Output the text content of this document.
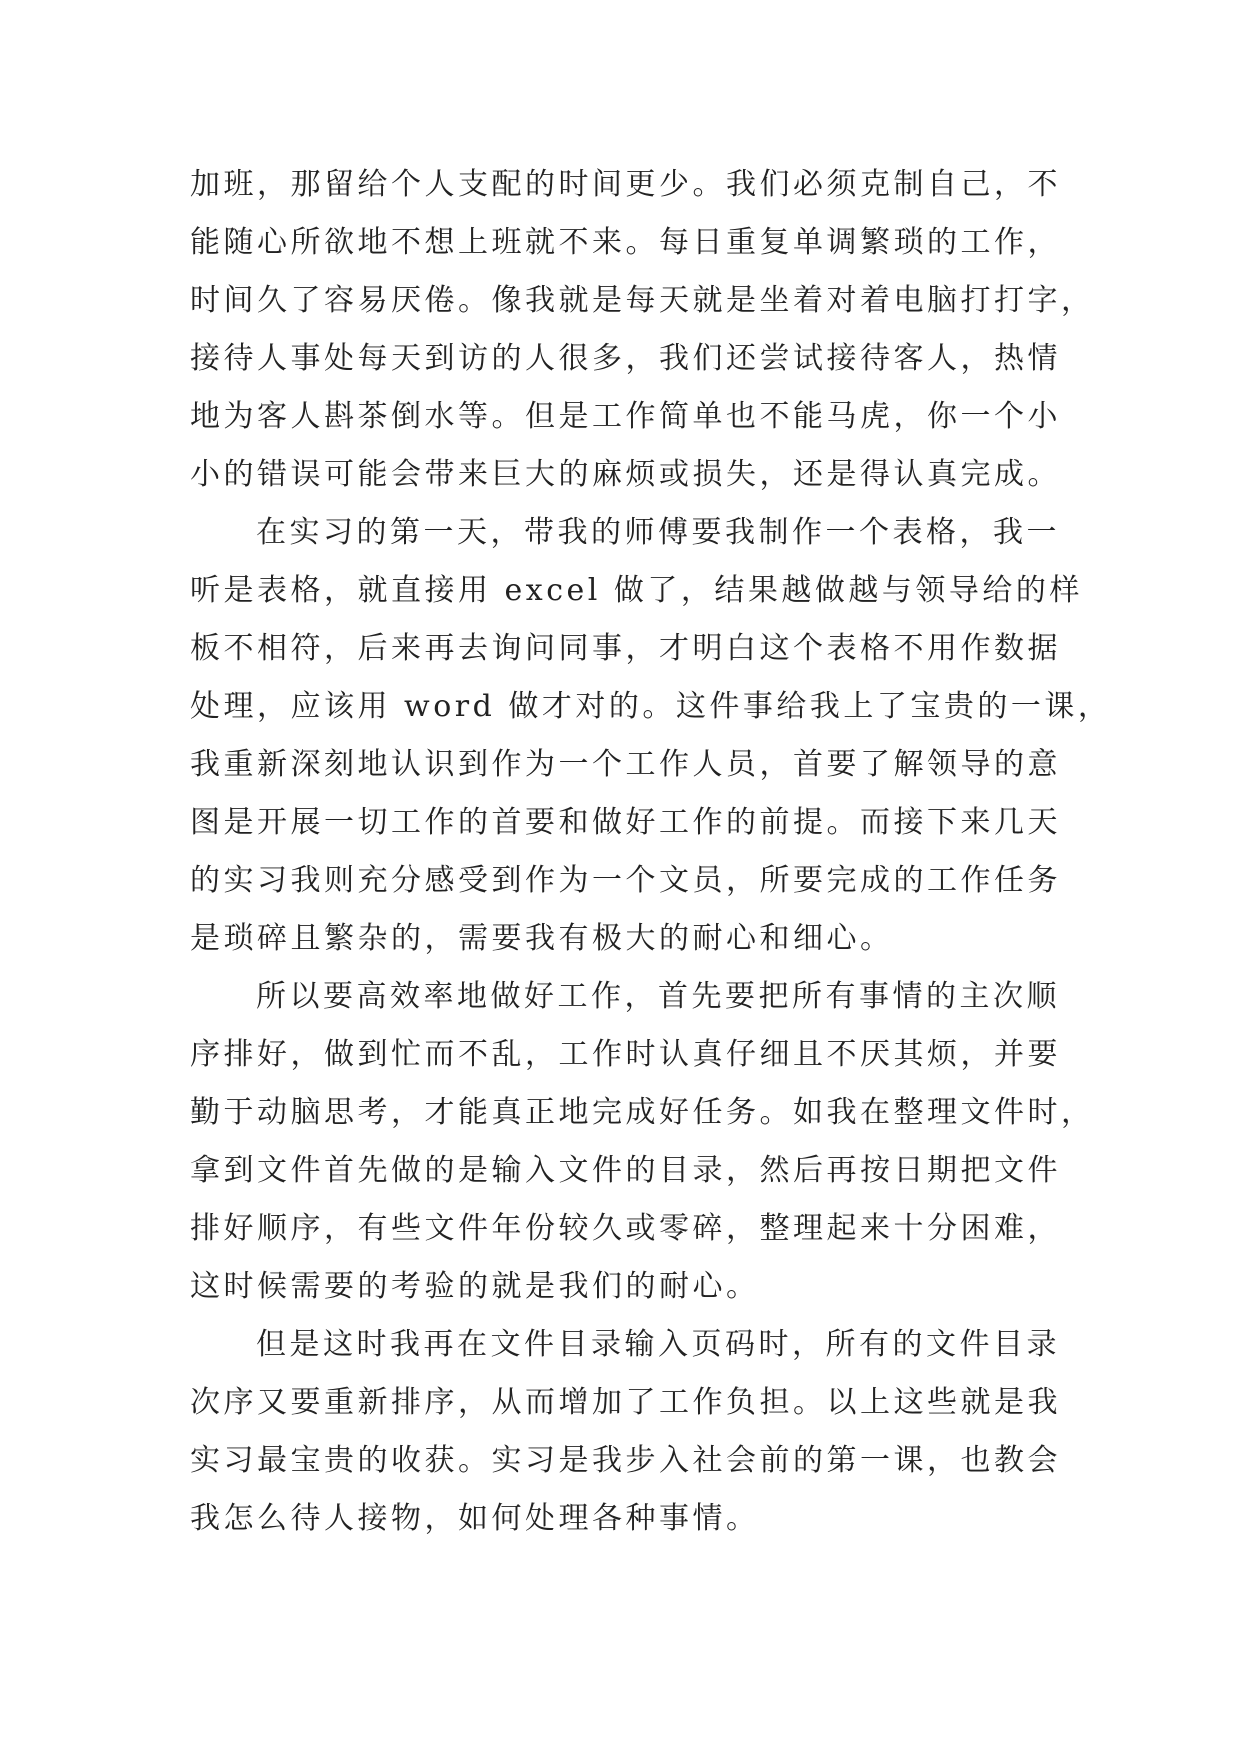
加班，那留给个人支配的时间更少。我们必须克制自己，不
能随心所欲地不想上班就不来。每日重复单调繁琐的工作，
时间久了容易厌倦。像我就是每天就是坐着对着电脑打打字，
接待人事处每天到访的人很多，我们还尝试接待客人，热情
地为客人斟茶倒水等。但是工作简单也不能马虎，你一个小
小的错误可能会带来巨大的麻烦或损失，还是得认真完成。
在实习的第一天，带我的师傅要我制作一个表格，我一
听是表格，就直接用 excel 做了，结果越做越与领导给的样
板不相符，后来再去询问同事，才明白这个表格不用作数据
处理，应该用 word 做才对的。这件事给我上了宝贵的一课，
我重新深刻地认识到作为一个工作人员，首要了解领导的意
图是开展一切工作的首要和做好工作的前提。而接下来几天
的实习我则充分感受到作为一个文员，所要完成的工作任务
是琐碎且繁杂的，需要我有极大的耐心和细心。
所以要高效率地做好工作，首先要把所有事情的主次顺
序排好，做到忙而不乱，工作时认真仔细且不厌其烦，并要
勤于动脑思考，才能真正地完成好任务。如我在整理文件时，
拿到文件首先做的是输入文件的目录，然后再按日期把文件
排好顺序，有些文件年份较久或零碎，整理起来十分困难，
这时候需要的考验的就是我们的耐心。
但是这时我再在文件目录输入页码时，所有的文件目录
次序又要重新排序，从而增加了工作负担。以上这些就是我
实习最宝贵的收获。实习是我步入社会前的第一课，也教会
我怎么待人接物，如何处理各种事情。
